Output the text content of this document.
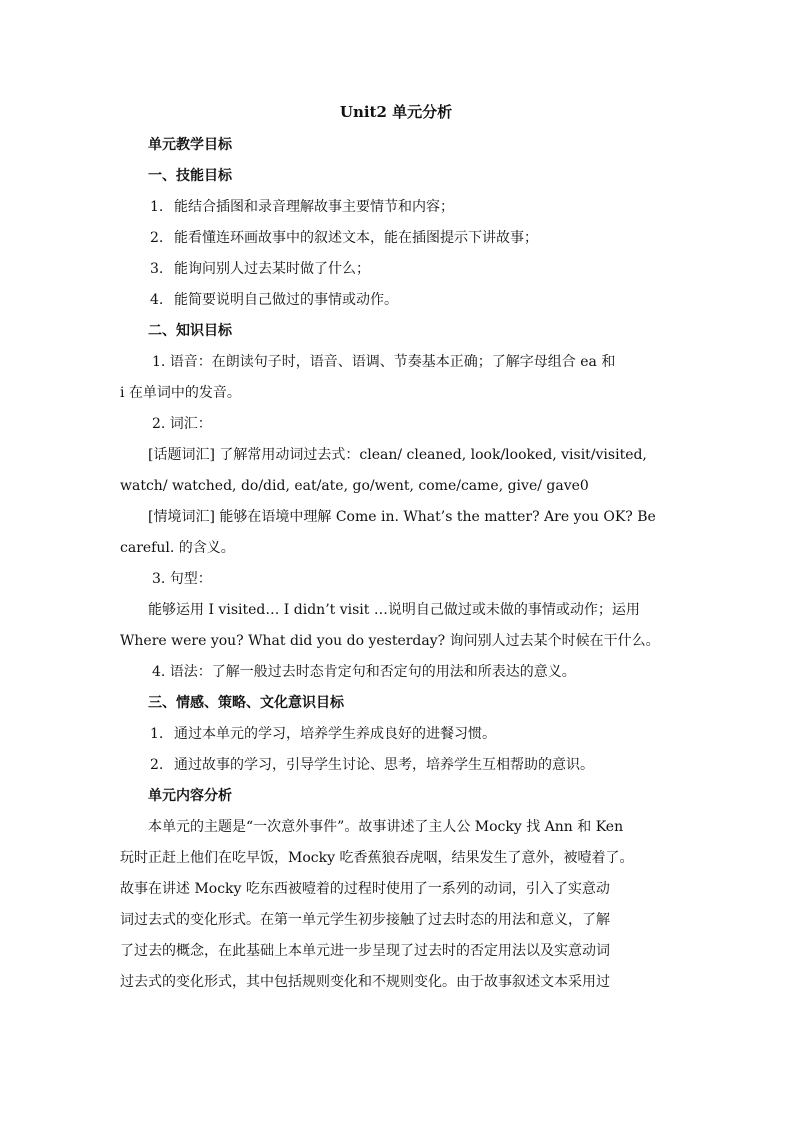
Unit2 单元分析

单元教学目标

一、技能目标

1. 能结合插图和录音理解故事主要情节和内容；

2. 能看懂连环画故事中的叙述文本，能在插图提示下讲故事；

3. 能询问别人过去某时做了什么；

4. 能简要说明自己做过的事情或动作。

二、知识目标

1. 语音：在朗读句子时，语音、语调、节奏基本正确；了解字母组合 ea 和

i 在单词中的发音。

2. 词汇：

[话题词汇] 了解常用动词过去式：clean/ cleaned, look/looked, visit/visited,

watch/ watched, do/did, eat/ate, go/went, come/came, give/ gave0

[情境词汇] 能够在语境中理解 Come in. What’s the matter? Are you OK? Be

careful. 的含义。

3. 句型：

能够运用 I visited… I didn’t visit …说明自己做过或未做的事情或动作；运用

Where were you? What did you do yesterday? 询问别人过去某个时候在干什么。

4. 语法：了解一般过去时态肯定句和否定句的用法和所表达的意义。

三、情感、策略、文化意识目标

1. 通过本单元的学习，培养学生养成良好的进餐习惯。

2. 通过故事的学习，引导学生讨论、思考，培养学生互相帮助的意识。

单元内容分析

本单元的主题是“一次意外事件”。故事讲述了主人公 Mocky 找 Ann 和 Ken

玩时正赶上他们在吃早饭，Mocky 吃香蕉狼吞虎咽，结果发生了意外，被噎着了。

故事在讲述 Mocky 吃东西被噎着的过程时使用了一系列的动词，引入了实意动

词过去式的变化形式。在第一单元学生初步接触了过去时态的用法和意义，了解

了过去的概念，在此基础上本单元进一步呈现了过去时的否定用法以及实意动词

过去式的变化形式，其中包括规则变化和不规则变化。由于故事叙述文本采用过
